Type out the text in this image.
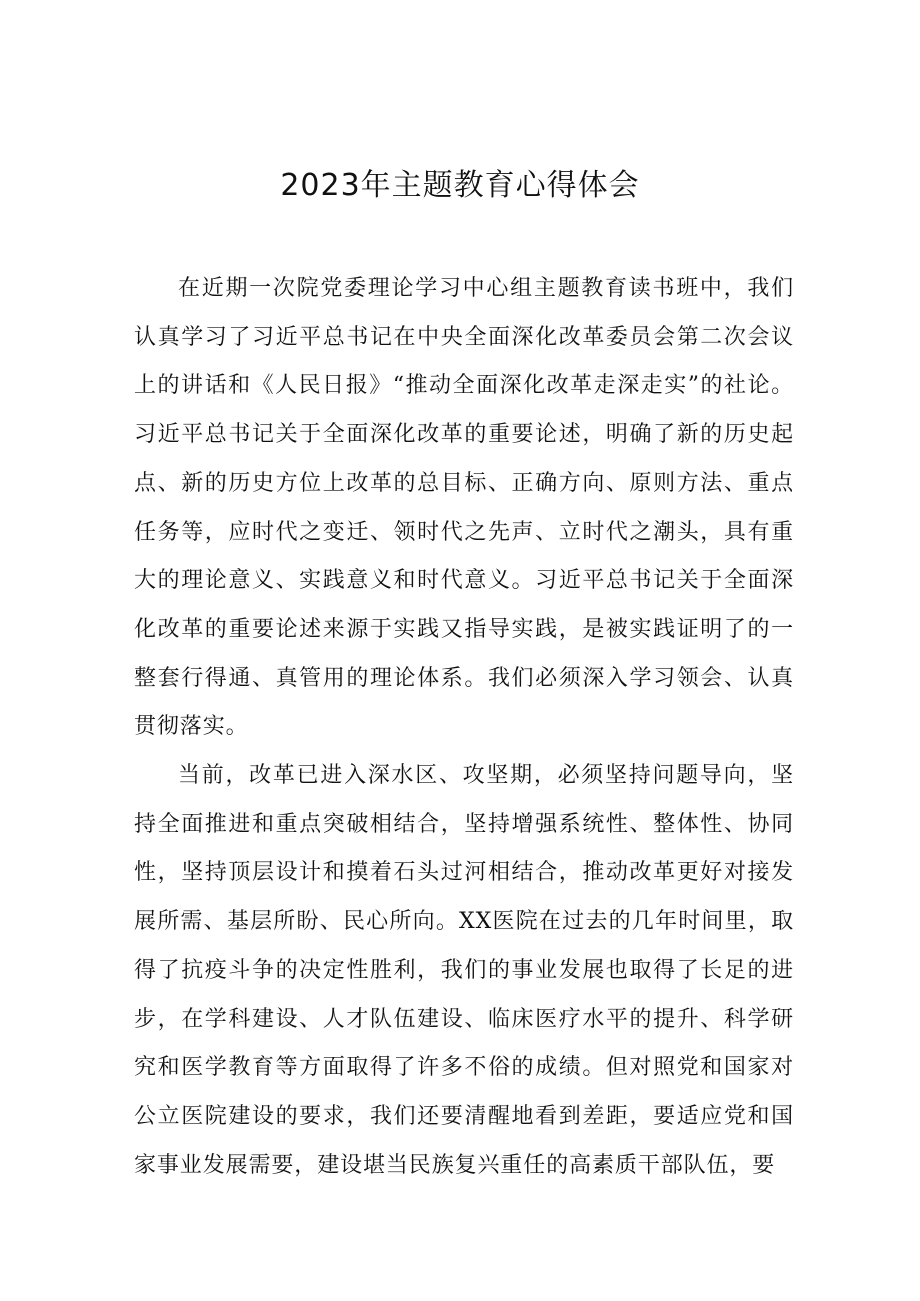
2023年主题教育心得体会

在近期一次院党委理论学习中心组主题教育读书班中，我们认真学习了习近平总书记在中央全面深化改革委员会第二次会议上的讲话和《人民日报》“推动全面深化改革走深走实”的社论。习近平总书记关于全面深化改革的重要论述，明确了新的历史起点、新的历史方位上改革的总目标、正确方向、原则方法、重点任务等，应时代之变迁、领时代之先声、立时代之潮头，具有重大的理论意义、实践意义和时代意义。习近平总书记关于全面深化改革的重要论述来源于实践又指导实践，是被实践证明了的一整套行得通、真管用的理论体系。我们必须深入学习领会、认真贯彻落实。

当前，改革已进入深水区、攻坚期，必须坚持问题导向，坚持全面推进和重点突破相结合，坚持增强系统性、整体性、协同性，坚持顶层设计和摸着石头过河相结合，推动改革更好对接发展所需、基层所盼、民心所向。XX医院在过去的几年时间里，取得了抗疫斗争的决定性胜利，我们的事业发展也取得了长足的进步，在学科建设、人才队伍建设、临床医疗水平的提升、科学研究和医学教育等方面取得了许多不俗的成绩。但对照党和国家对公立医院建设的要求，我们还要清醒地看到差距，要适应党和国家事业发展需要，建设堪当民族复兴重任的高素质干部队伍，要
